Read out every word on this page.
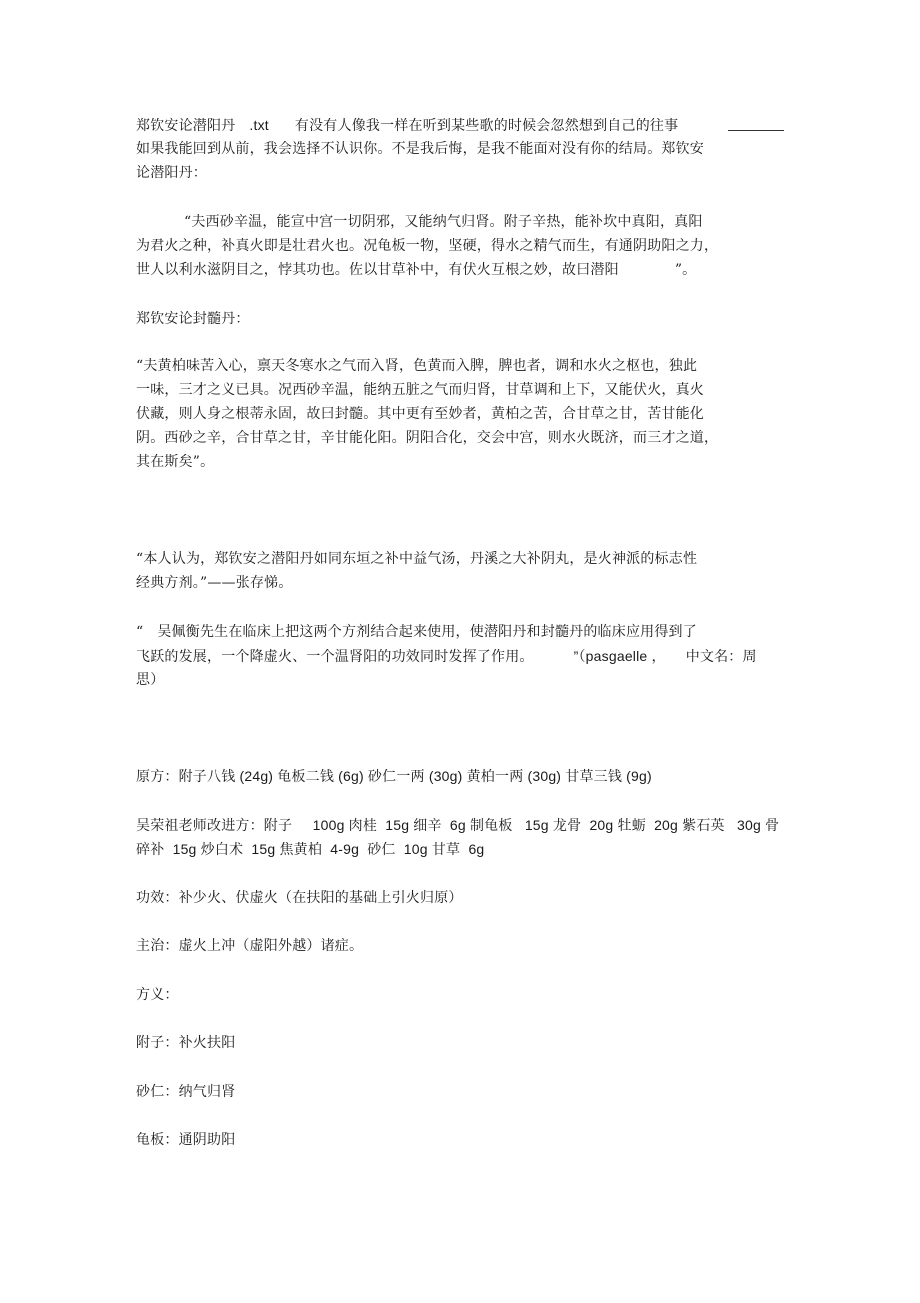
郑钦安论潜阳丹 .txt 有没有人像我一样在听到某些歌的时候会忽然想到自己的往事
如果我能回到从前，我会选择不认识你。不是我后悔，是我不能面对没有你的结局。郑钦安
论潜阳丹：
“夫西砂辛温，能宣中宫一切阴邪，又能纳气归肾。附子辛热，能补坎中真阳，真阳
为君火之种，补真火即是壮君火也。况龟板一物，坚硬，得水之精气而生，有通阴助阳之力，
世人以利水滋阴目之，悖其功也。佐以甘草补中，有伏火互根之妙，故曰潜阳	”。
郑钦安论封髓丹：
“夫黄柏味苦入心，禀天冬寒水之气而入肾，色黄而入脾，脾也者，调和水火之枢也，独此
一味，三才之义已具。况西砂辛温，能纳五脏之气而归肾，甘草调和上下，又能伏火，真火
伏藏，则人身之根蒂永固，故曰封髓。其中更有至妙者，黄柏之苦，合甘草之甘，苦甘能化
阴。西砂之辛，合甘草之甘，辛甘能化阳。阴阳合化，交会中宫，则水火既济，而三才之道，
其在斯矣”。
“本人认为，郑钦安之潜阳丹如同东垣之补中益气汤，丹溪之大补阴丸，是火神派的标志性
经典方剂。”——张存悌。
“ 吴佩衡先生在临床上把这两个方剂结合起来使用，使潜阳丹和封髓丹的临床应用得到了
飞跃的发展，一个降虚火、一个温肾阳的功效同时发挥了作用。	”（pasgaelle ， 中文名：周
思）
原方：附子八钱 (24g) 龟板二钱 (6g) 砂仁一两 (30g) 黄柏一两 (30g) 甘草三钱 (9g)
吴荣祖老师改进方：附子     100g 肉桂  15g 细辛  6g 制龟板   15g 龙骨  20g 牡蛎  20g 紫石英   30g 骨
碎补  15g 炒白术  15g 焦黄柏  4-9g  砂仁  10g 甘草  6g
功效：补少火、伏虚火（在扶阳的基础上引火归原）
主治：虚火上冲（虚阳外越）诸症。
方义：
附子：补火扶阳
砂仁：纳气归肾
龟板：通阴助阳
